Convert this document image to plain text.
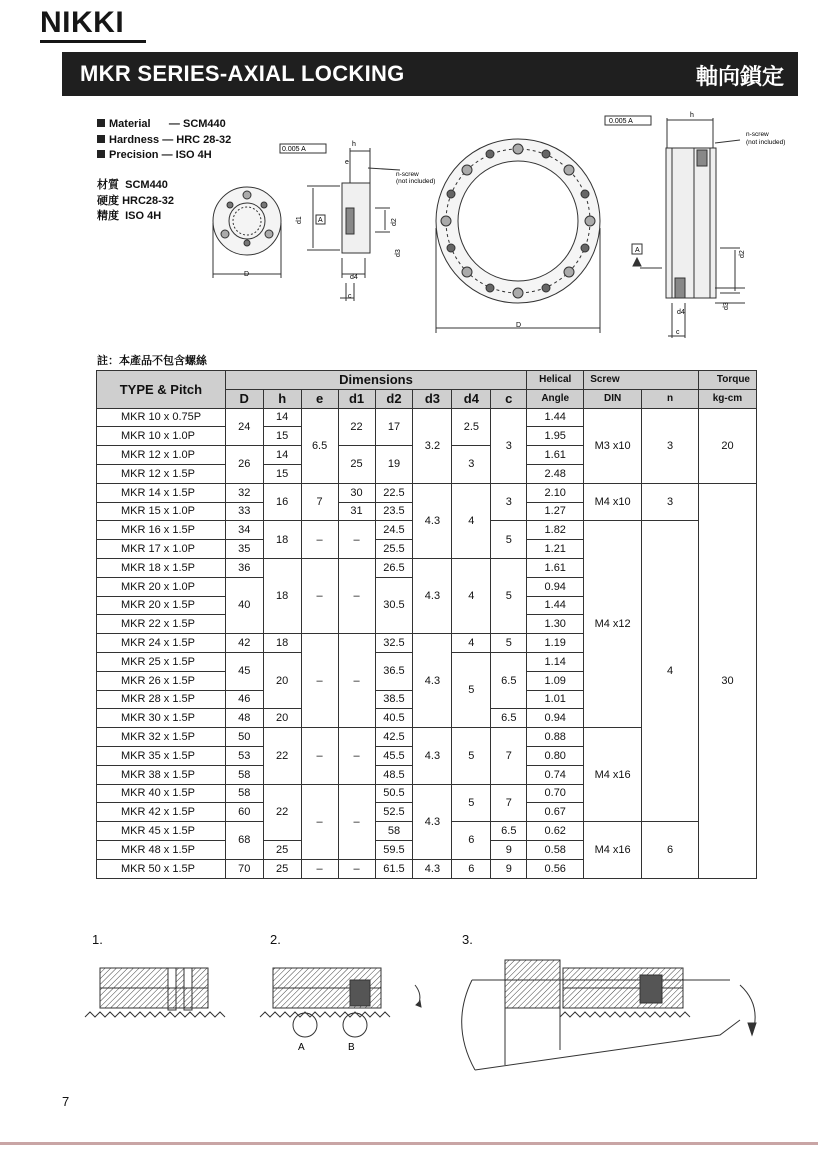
NIKKI
MKR SERIES-AXIAL LOCKING	軸向鎖定
Material — SCM440
Hardness — HRC 28-32
Precision — ISO 4H
材質 SCM440
硬度 HRC28-32
精度 ISO 4H
D
0.005 A
h
e
A
d1	d2
d3
d4
c
n-screw
(not included)
D
0.005 A
h
A	d2
d3
d4
c
n-screw
(not included)
註：本產品不包含螺絲
TYPE & Pitch	Dimensions								Helical	Screw		Torque
	D	h	e	d1	d2	d3	d4	c	Angle	DIN	n	kg-cm
MKR 10 x 0.75P	24	14	6.5	22	17	3.2	2.5	3	1.44	M3 x10	3	20
MKR 10 x 1.0P		15							1.95			
MKR 12 x 1.0P	26	14		25	19		3		1.61			
MKR 12 x 1.5P		15							2.48			
MKR 14 x 1.5P	32	16	7	30	22.5	4.3	4	3	2.10	M4 x10	3	30
MKR 15 x 1.0P	33			31	23.5				1.27			
MKR 16 x 1.5P	34	18	–	–	24.5			5	1.82	M4 x12	4	
MKR 17 x 1.0P	35				25.5				1.21			
MKR 18 x 1.5P	36	18	–	–	26.5	4.3	4	5	1.61			
MKR 20 x 1.0P	40				30.5				0.94			
MKR 20 x 1.5P									1.44			
MKR 22 x 1.5P									1.30			
MKR 24 x 1.5P	42	18	–	–	32.5	4.3	4	5	1.19			
MKR 25 x 1.5P	45	20			36.5		5	6.5	1.14			
MKR 26 x 1.5P									1.09			
MKR 28 x 1.5P	46				38.5				1.01			
MKR 30 x 1.5P	48	20			40.5			6.5	0.94			
MKR 32 x 1.5P	50	22	–	–	42.5	4.3	5	7	0.88	M4 x16		
MKR 35 x 1.5P	53				45.5				0.80			
MKR 38 x 1.5P	58				48.5				0.74			
MKR 40 x 1.5P	58	22	–	–	50.5	4.3	5	7	0.70			
MKR 42 x 1.5P	60				52.5				0.67			
MKR 45 x 1.5P	68				58		6	6.5	0.62	M4 x16	6	
MKR 48 x 1.5P		25			59.5			9	0.58			
MKR 50 x 1.5P	70	25	–	–	61.5	4.3	6	9	0.56			
1.	2.	3.
A	B
7
